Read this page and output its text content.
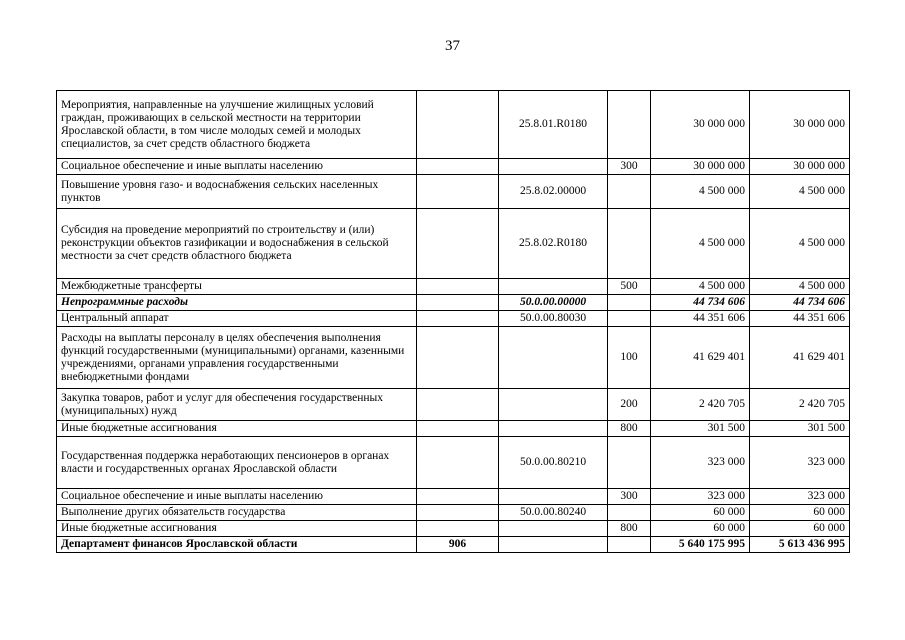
37
Мероприятия, направленные на улучшение жилищных условий граждан, проживающих в сельской местности на территории Ярославской области, в том числе молодых семей и молодых специалистов, за счет средств областного бюджета		25.8.01.R0180		30 000 000	30 000 000
Социальное обеспечение и иные выплаты населению			300	30 000 000	30 000 000
Повышение уровня газо- и водоснабжения сельских населенных пунктов		25.8.02.00000		4 500 000	4 500 000
Субсидия на проведение мероприятий по строительству и (или) реконструкции объектов газификации и водоснабжения в сельской местности за счет средств областного бюджета		25.8.02.R0180		4 500 000	4 500 000
Межбюджетные трансферты			500	4 500 000	4 500 000
Непрограммные расходы		50.0.00.00000		44 734 606	44 734 606
Центральный аппарат		50.0.00.80030		44 351 606	44 351 606
Расходы на выплаты персоналу в целях обеспечения выполнения функций государственными (муниципальными) органами, казенными учреждениями, органами управления государственными внебюджетными фондами			100	41 629 401	41 629 401
Закупка товаров, работ и услуг для обеспечения государственных (муниципальных) нужд			200	2 420 705	2 420 705
Иные бюджетные ассигнования			800	301 500	301 500
Государственная поддержка неработающих пенсионеров в органах власти и государственных органах Ярославской области		50.0.00.80210		323 000	323 000
Социальное обеспечение и иные выплаты населению			300	323 000	323 000
Выполнение других обязательств государства		50.0.00.80240		60 000	60 000
Иные бюджетные ассигнования			800	60 000	60 000
Департамент финансов Ярославской области	906			5 640 175 995	5 613 436 995
